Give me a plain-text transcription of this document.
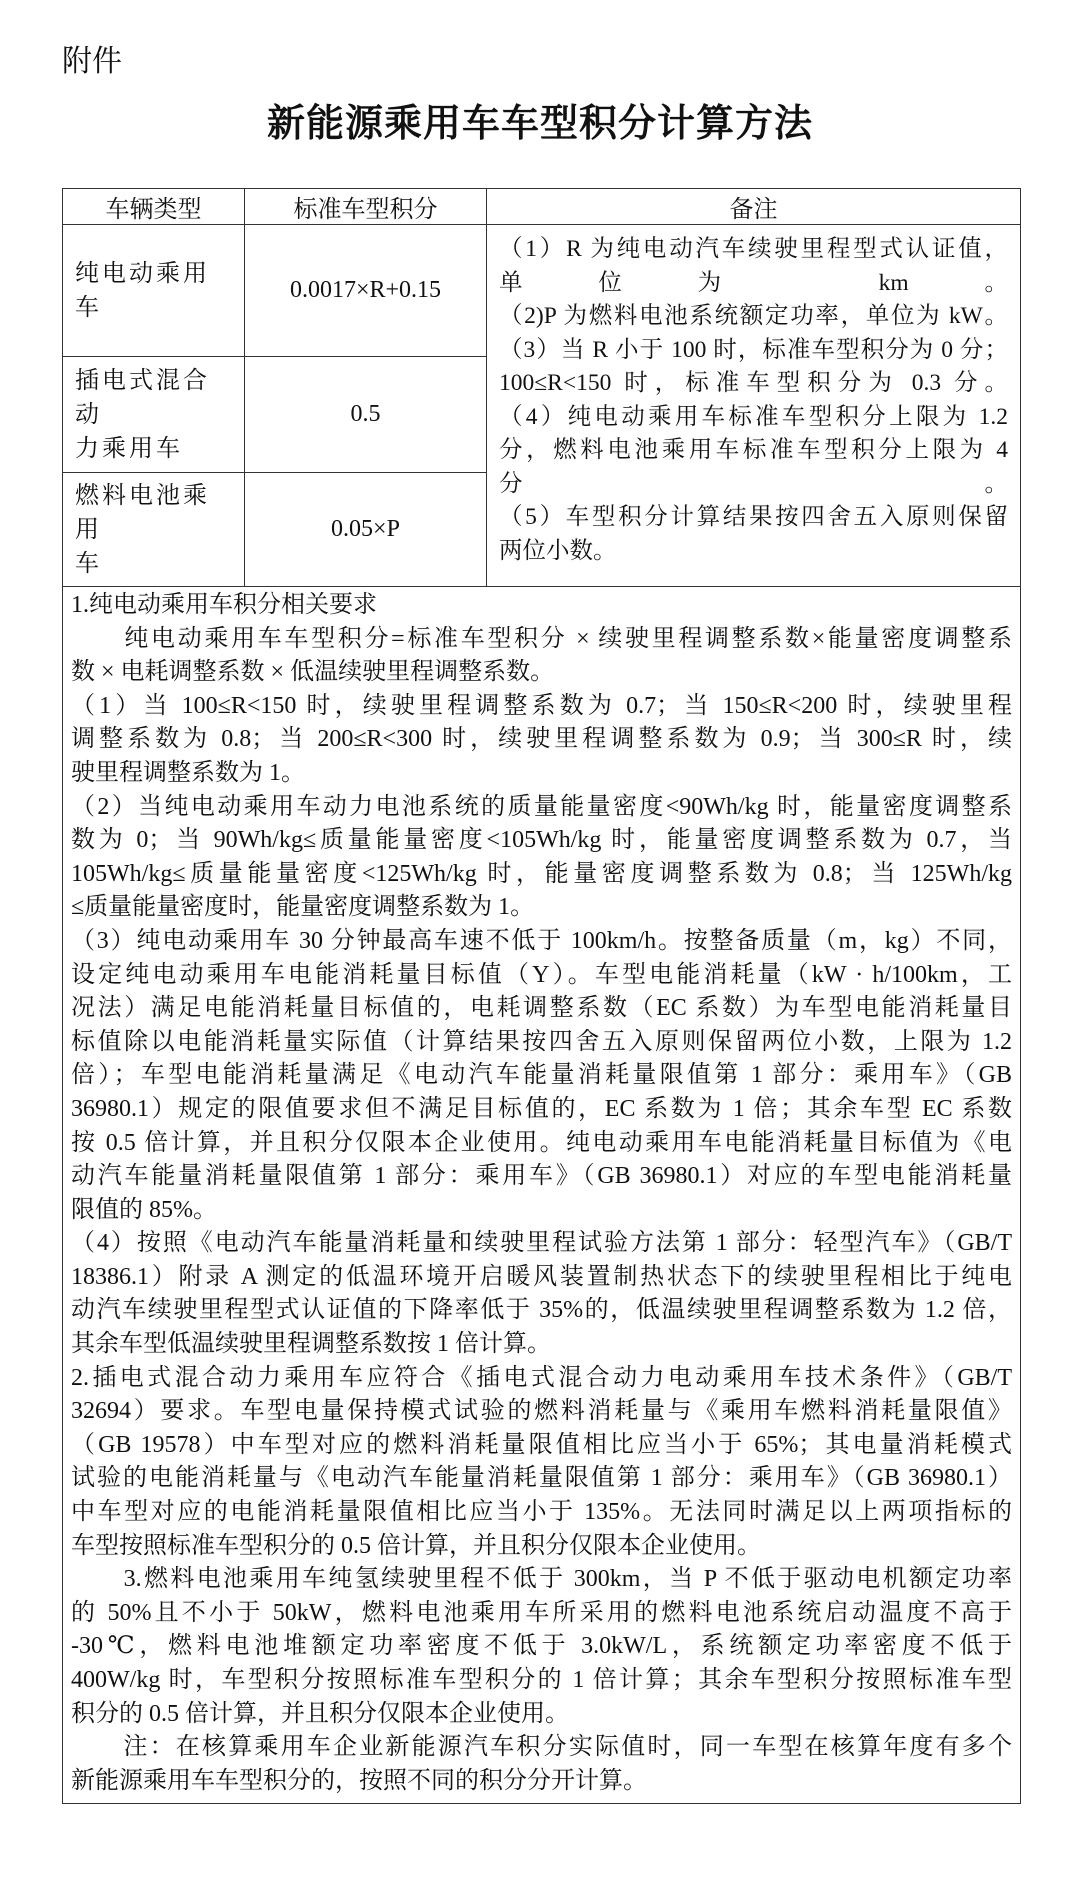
附件
新能源乘用车车型积分计算方法
车辆类型	标准车型积分	备注
纯电动乘用车
0.0017×R+0.15
插电式混合动
力乘用车
0.5
燃料电池乘用
车
0.05×P
（1）R 为纯电动汽车续驶里程型式认证值，
单位为 km。
（2)P 为燃料电池系统额定功率，单位为 kW。
（3）当 R 小于 100 时，标准车型积分为 0 分；
100≤R<150 时，标准车型积分为 0.3 分。
（4）纯电动乘用车标准车型积分上限为 1.2
分，燃料电池乘用车标准车型积分上限为 4
分。
（5）车型积分计算结果按四舍五入原则保留
两位小数。
1.纯电动乘用车积分相关要求
　　纯电动乘用车车型积分=标准车型积分 × 续驶里程调整系数×能量密度调整系
数 × 电耗调整系数 × 低温续驶里程调整系数。
（1）当 100≤R<150 时，续驶里程调整系数为 0.7；当 150≤R<200 时，续驶里程
调整系数为 0.8；当 200≤R<300 时，续驶里程调整系数为 0.9；当 300≤R 时，续
驶里程调整系数为 1。
（2）当纯电动乘用车动力电池系统的质量能量密度<90Wh/kg 时，能量密度调整系
数为 0；当 90Wh/kg≤质量能量密度<105Wh/kg 时，能量密度调整系数为 0.7，当
105Wh/kg≤质量能量密度<125Wh/kg 时，能量密度调整系数为 0.8；当 125Wh/kg
≤质量能量密度时，能量密度调整系数为 1。
（3）纯电动乘用车 30 分钟最高车速不低于 100km/h。按整备质量（m，kg）不同，
设定纯电动乘用车电能消耗量目标值（Y）。车型电能消耗量（kW · h/100km，工
况法）满足电能消耗量目标值的，电耗调整系数（EC 系数）为车型电能消耗量目
标值除以电能消耗量实际值（计算结果按四舍五入原则保留两位小数，上限为 1.2
倍）；车型电能消耗量满足《电动汽车能量消耗量限值第 1 部分：乘用车》（GB
36980.1）规定的限值要求但不满足目标值的，EC 系数为 1 倍；其余车型 EC 系数
按 0.5 倍计算，并且积分仅限本企业使用。纯电动乘用车电能消耗量目标值为《电
动汽车能量消耗量限值第 1 部分：乘用车》（GB 36980.1）对应的车型电能消耗量
限值的 85%。
（4）按照《电动汽车能量消耗量和续驶里程试验方法第 1 部分：轻型汽车》（GB/T
18386.1）附录 A 测定的低温环境开启暖风装置制热状态下的续驶里程相比于纯电
动汽车续驶里程型式认证值的下降率低于 35%的，低温续驶里程调整系数为 1.2 倍，
其余车型低温续驶里程调整系数按 1 倍计算。
2.插电式混合动力乘用车应符合《插电式混合动力电动乘用车技术条件》（GB/T
32694）要求。车型电量保持模式试验的燃料消耗量与《乘用车燃料消耗量限值》
（GB 19578）中车型对应的燃料消耗量限值相比应当小于 65%；其电量消耗模式
试验的电能消耗量与《电动汽车能量消耗量限值第 1 部分：乘用车》（GB 36980.1）
中车型对应的电能消耗量限值相比应当小于 135%。无法同时满足以上两项指标的
车型按照标准车型积分的 0.5 倍计算，并且积分仅限本企业使用。
　　3.燃料电池乘用车纯氢续驶里程不低于 300km，当 P 不低于驱动电机额定功率
的 50%且不小于 50kW，燃料电池乘用车所采用的燃料电池系统启动温度不高于
-30℃，燃料电池堆额定功率密度不低于 3.0kW/L，系统额定功率密度不低于
400W/kg 时，车型积分按照标准车型积分的 1 倍计算；其余车型积分按照标准车型
积分的 0.5 倍计算，并且积分仅限本企业使用。
　　注：在核算乘用车企业新能源汽车积分实际值时，同一车型在核算年度有多个
新能源乘用车车型积分的，按照不同的积分分开计算。
